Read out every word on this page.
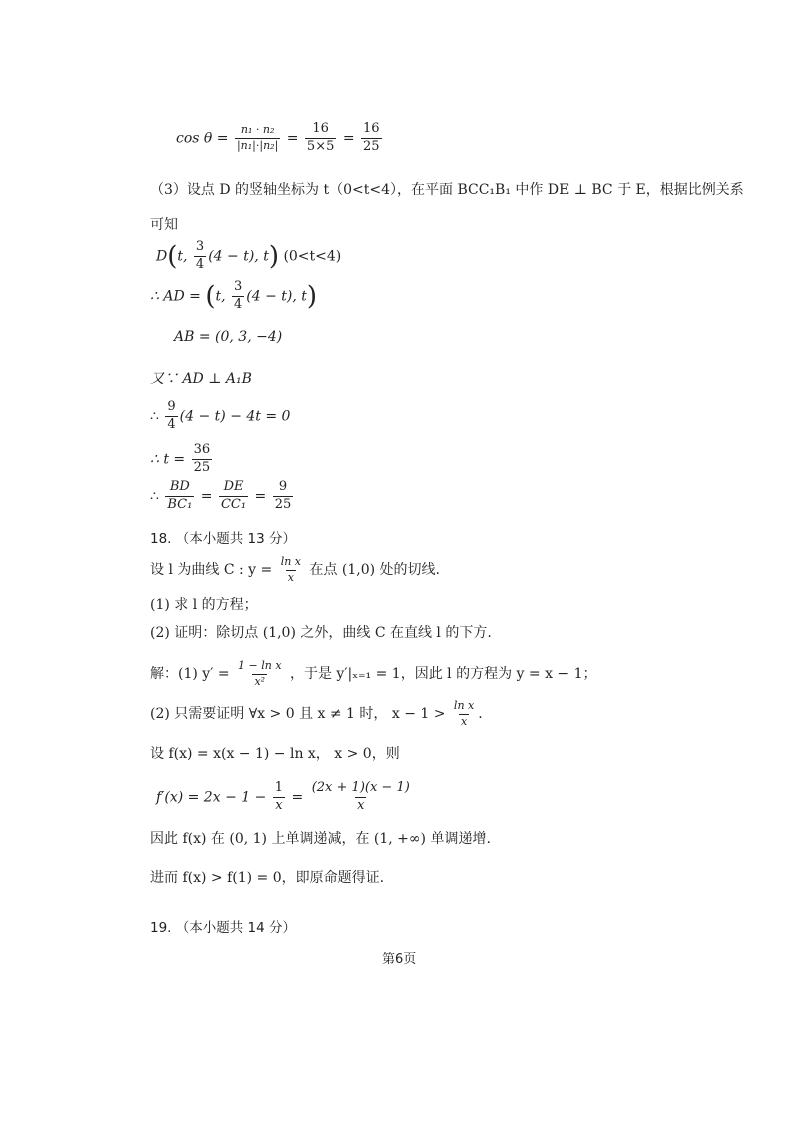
$\cos \theta = \frac{\text{n₁ · n₂}}{\text{|n₁|·|n₂|}} = \frac{16}{5\times 5} = \frac{16}{25}$
（3）设点 D 的竖轴坐标为 t（0<t<4），在平面 BCC₁B₁ 中作 DE ⊥ BC 于 E，根据比例关系
可知
D(t, $\frac{3}{4} (4 - t)$, t) (0<t<4)
∴ AD = (t, $\frac{3}{4} (4 - t)$, t)
AB = (0, 3, −4)
又∵ AD ⊥ A₁B
∴ $\frac{9}{4} (4 - t) - 4t = 0$
∴ $t = \frac{36}{25}$
∴ $\frac{BD}{\text{BC₁}} = \frac{DE}{\text{CC₁}} = \frac{9}{25}$
18. （本小题共 13 分）
设 l 为曲线 C : $y = \frac{\text{ln x}}{x}$ 在点 (1,0) 处的切线.
(1) 求 l 的方程；
(2) 证明：除切点 (1,0) 之外，曲线 C 在直线 l 的下方.
解：(1) $y' = \frac{\text{1 − ln x}}{\text{x²}}$ ，于是 y′|ₓ₌₁ = 1，因此 l 的方程为 y = x − 1；
(2) 只需要证明 ∀x > 0 且 x ≠ 1 时， $x - 1 > \frac{\text{ln x}}{x}$ .
设 f(x) = x(x − 1) − ln x， x > 0，则
$f'(x) = 2x - 1 - \frac{1}{x} = \frac{(2x + 1)(x - 1)}{x}$
因此 f(x) 在 (0, 1) 上单调递减，在 (1, +∞) 单调递增.
进而 f(x) > f(1) = 0，即原命题得证.
19. （本小题共 14 分）
第6页
